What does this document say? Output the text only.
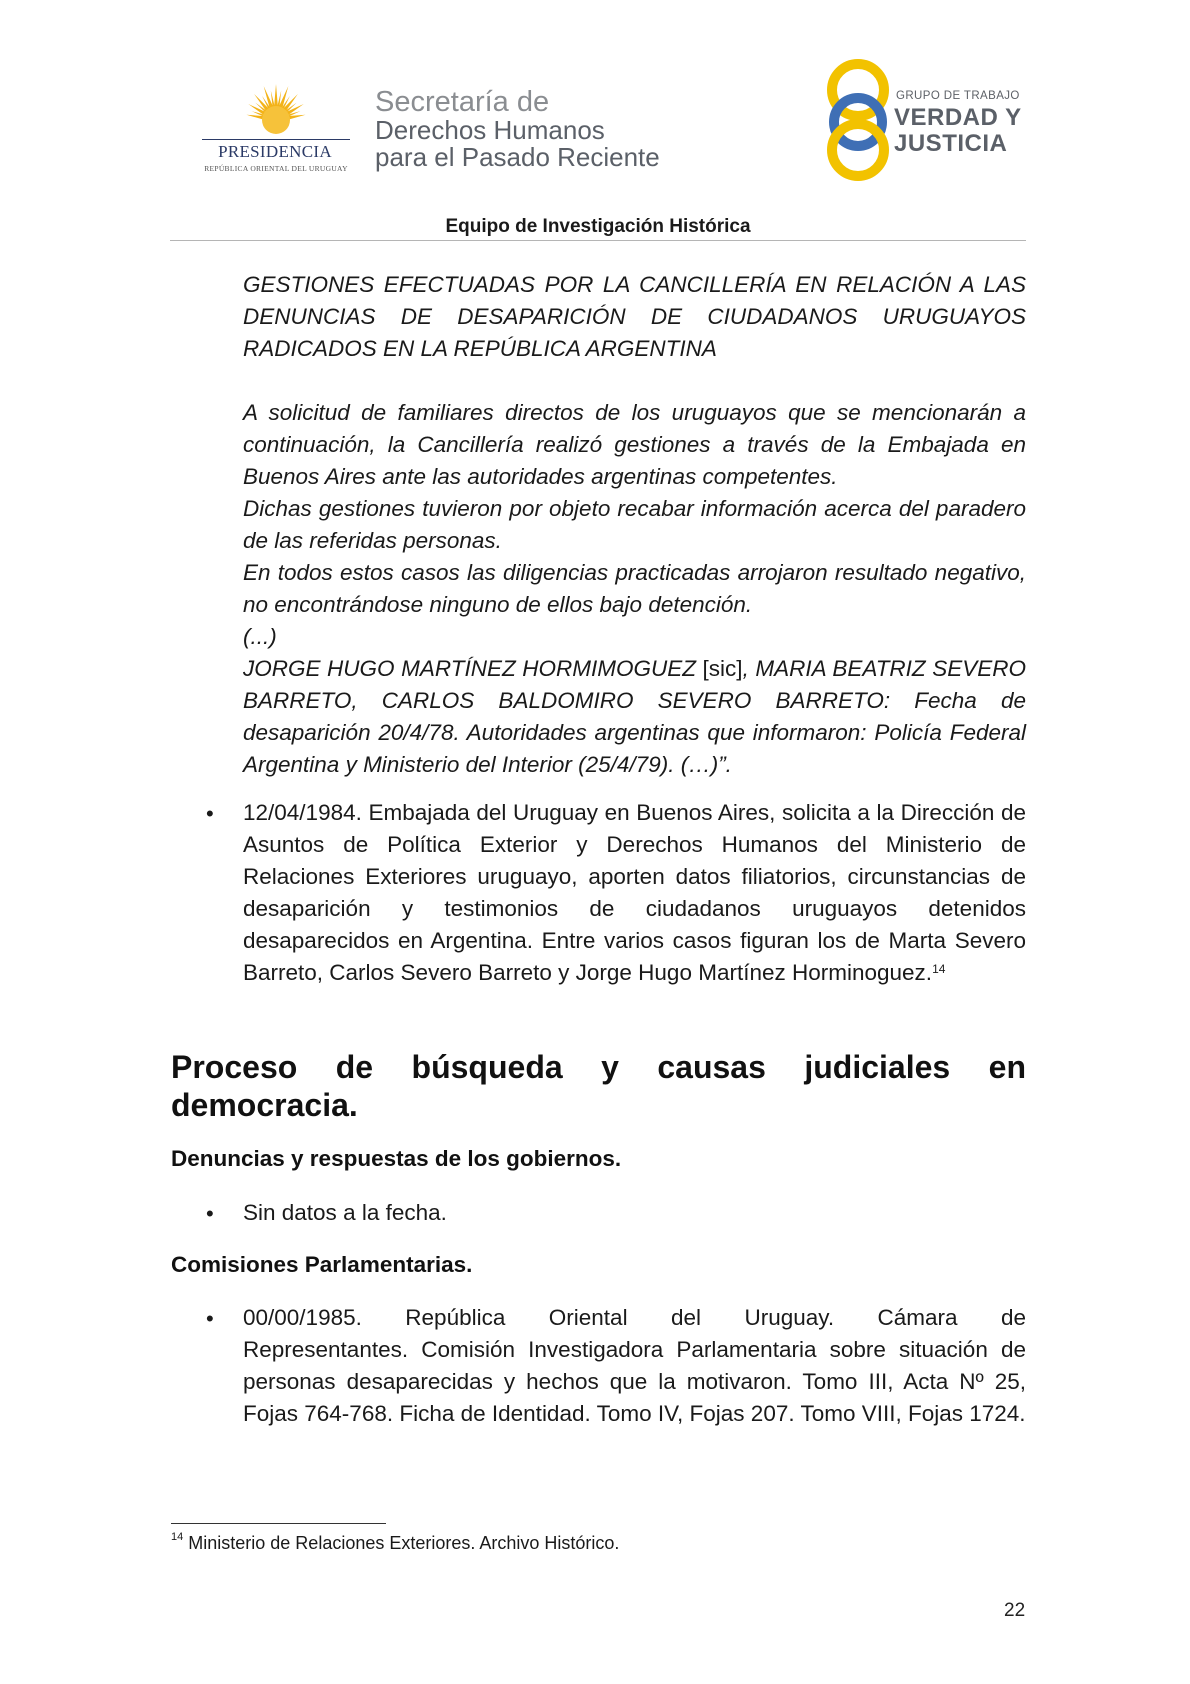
PRESIDENCIA
REPÚBLICA ORIENTAL DEL URUGUAY
Secretaría de
Derechos Humanos
para el Pasado Reciente
GRUPO DE TRABAJO
VERDAD Y
JUSTICIA
Equipo de Investigación Histórica

GESTIONES EFECTUADAS POR LA CANCILLERÍA EN RELACIÓN A LAS DENUNCIAS DE DESAPARICIÓN DE CIUDADANOS URUGUAYOS RADICADOS EN LA REPÚBLICA ARGENTINA

A solicitud de familiares directos de los uruguayos que se mencionarán a continuación, la Cancillería realizó gestiones a través de la Embajada en Buenos Aires ante las autoridades argentinas competentes.

Dichas gestiones tuvieron por objeto recabar información acerca del paradero de las referidas personas.

En todos estos casos las diligencias practicadas arrojaron resultado negativo, no encontrándose ninguno de ellos bajo detención.

(...)

JORGE HUGO MARTÍNEZ HORMIMOGUEZ [sic], MARIA BEATRIZ SEVERO BARRETO, CARLOS BALDOMIRO SEVERO BARRETO: Fecha de desaparición 20/4/78. Autoridades argentinas que informaron: Policía Federal Argentina y Ministerio del Interior (25/4/79). (…)”.

• 12/04/1984. Embajada del Uruguay en Buenos Aires, solicita a la Dirección de Asuntos de Política Exterior y Derechos Humanos del Ministerio de Relaciones Exteriores uruguayo, aporten datos filiatorios, circunstancias de desaparición y testimonios de ciudadanos uruguayos detenidos desaparecidos en Argentina. Entre varios casos figuran los de Marta Severo Barreto, Carlos Severo Barreto y Jorge Hugo Martínez Horminoguez.$^{14}$
Proceso de búsqueda y causas judiciales en
democracia.
Denuncias y respuestas de los gobiernos.
• Sin datos a la fecha.
Comisiones Parlamentarias.
• 00/00/1985. República Oriental del Uruguay. Cámara de
Representantes. Comisión Investigadora Parlamentaria sobre situación de personas desaparecidas y hechos que la motivaron. Tomo III, Acta Nº 25, Fojas 764-768. Ficha de Identidad. Tomo IV, Fojas 207. Tomo VIII, Fojas 1724.
$^{14}$ Ministerio de Relaciones Exteriores. Archivo Histórico.
22
